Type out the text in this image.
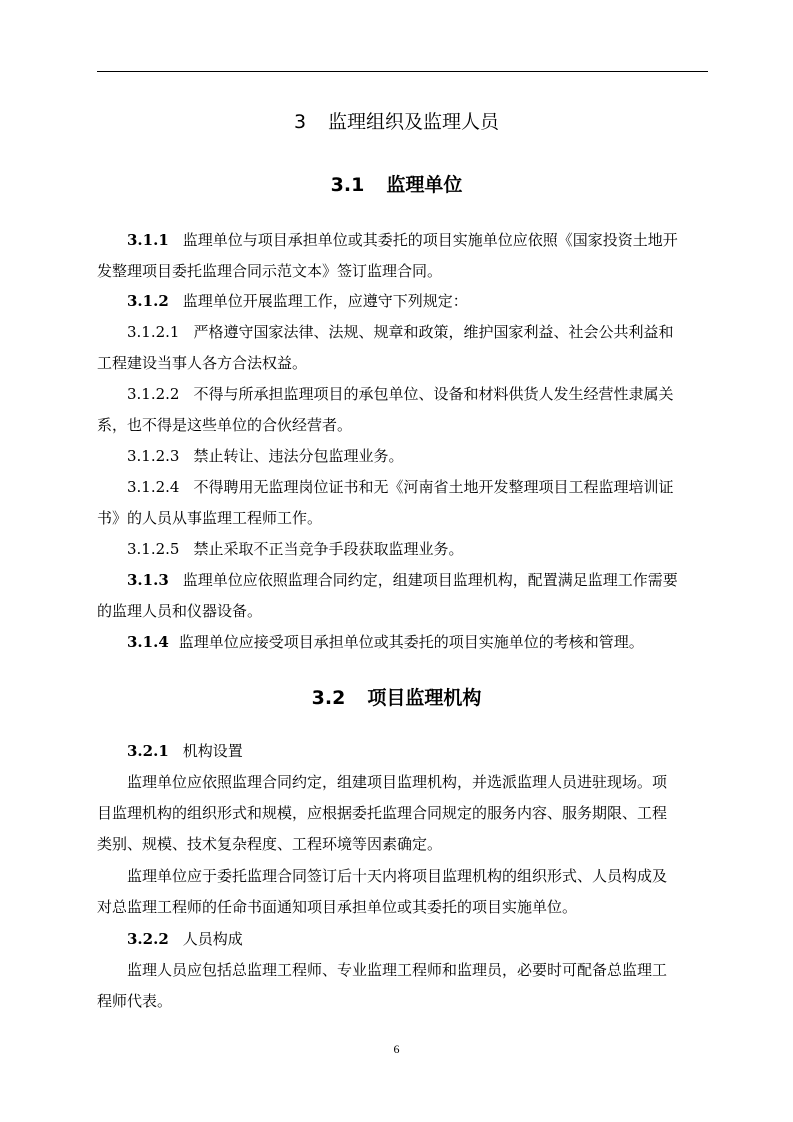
3 监理组织及监理人员
3.1 监理单位
3.1.1 监理单位与项目承担单位或其委托的项目实施单位应依照《国家投资土地开
发整理项目委托监理合同示范文本》签订监理合同。
3.1.2 监理单位开展监理工作，应遵守下列规定：
3.1.2.1 严格遵守国家法律、法规、规章和政策，维护国家利益、社会公共利益和
工程建设当事人各方合法权益。
3.1.2.2 不得与所承担监理项目的承包单位、设备和材料供货人发生经营性隶属关
系，也不得是这些单位的合伙经营者。
3.1.2.3 禁止转让、违法分包监理业务。
3.1.2.4 不得聘用无监理岗位证书和无《河南省土地开发整理项目工程监理培训证
书》的人员从事监理工程师工作。
3.1.2.5 禁止采取不正当竞争手段获取监理业务。
3.1.3 监理单位应依照监理合同约定，组建项目监理机构，配置满足监理工作需要
的监理人员和仪器设备。
3.1.4 监理单位应接受项目承担单位或其委托的项目实施单位的考核和管理。
3.2 项目监理机构
3.2.1 机构设置
监理单位应依照监理合同约定，组建项目监理机构，并选派监理人员进驻现场。项
目监理机构的组织形式和规模，应根据委托监理合同规定的服务内容、服务期限、工程
类别、规模、技术复杂程度、工程环境等因素确定。
监理单位应于委托监理合同签订后十天内将项目监理机构的组织形式、人员构成及
对总监理工程师的任命书面通知项目承担单位或其委托的项目实施单位。
3.2.2 人员构成
监理人员应包括总监理工程师、专业监理工程师和监理员，必要时可配备总监理工
程师代表。
6
